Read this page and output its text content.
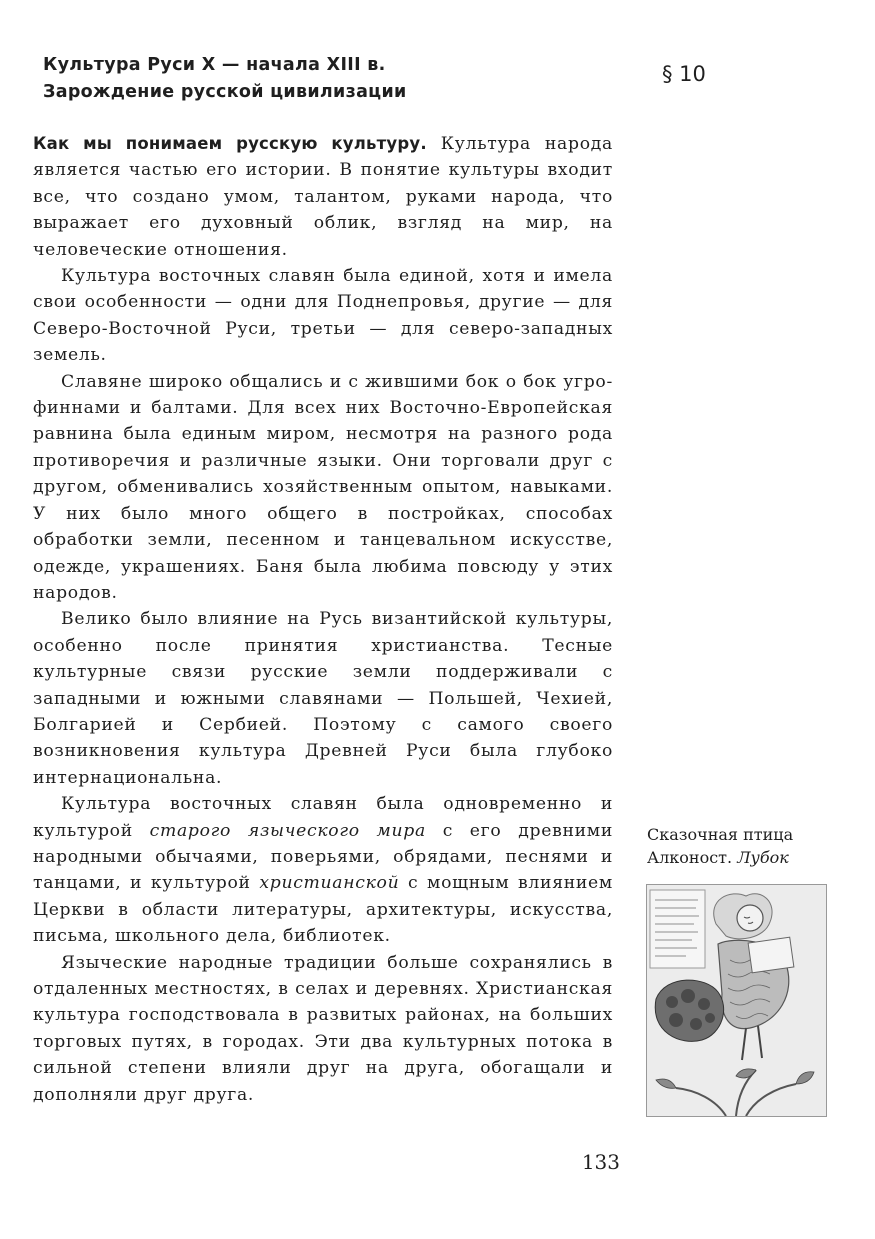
Культура Руси X — начала XIII в.
Зарождение русской цивилизации
§ 10

Как мы понимаем русскую культуру. Культура народа является частью его истории. В понятие культуры входит все, что создано умом, талантом, руками народа, что выражает его духовный облик, взгляд на мир, на человеческие отношения.

Культура восточных славян была единой, хотя и имела свои особенности — одни для Поднепровья, другие — для Северо-Восточной Руси, третьи — для северо-западных земель.

Славяне широко общались и с жившими бок о бок угро-финнами и балтами. Для всех них Восточно-Европейская равнина была единым миром, несмотря на разного рода противоречия и различные языки. Они торговали друг с другом, обменивались хозяйственным опытом, навыками. У них было много общего в постройках, способах обработки земли, песенном и танцевальном искусстве, одежде, украшениях. Баня была любима повсюду у этих народов.

Велико было влияние на Русь византийской культуры, особенно после принятия христианства. Тесные культурные связи русские земли поддерживали с западными и южными славянами — Польшей, Чехией, Болгарией и Сербией. Поэтому с самого своего возникновения культура Древней Руси была глубоко интернациональна.

Культура восточных славян была одновременно и культурой старого языческого мира с его древними народными обычаями, поверьями, обрядами, песнями и танцами, и культурой христианской с мощным влиянием Церкви в области литературы, архитектуры, искусства, письма, школьного дела, библиотек.

Языческие народные традиции больше сохранялись в отдаленных местностях, в селах и деревнях. Христианская культура господствовала в развитых районах, на больших торговых путях, в городах. Эти два культурных потока в сильной степени влияли друг на друга, обогащали и дополняли друг друга.

Сказочная птица
Алконост. Лубок
133
